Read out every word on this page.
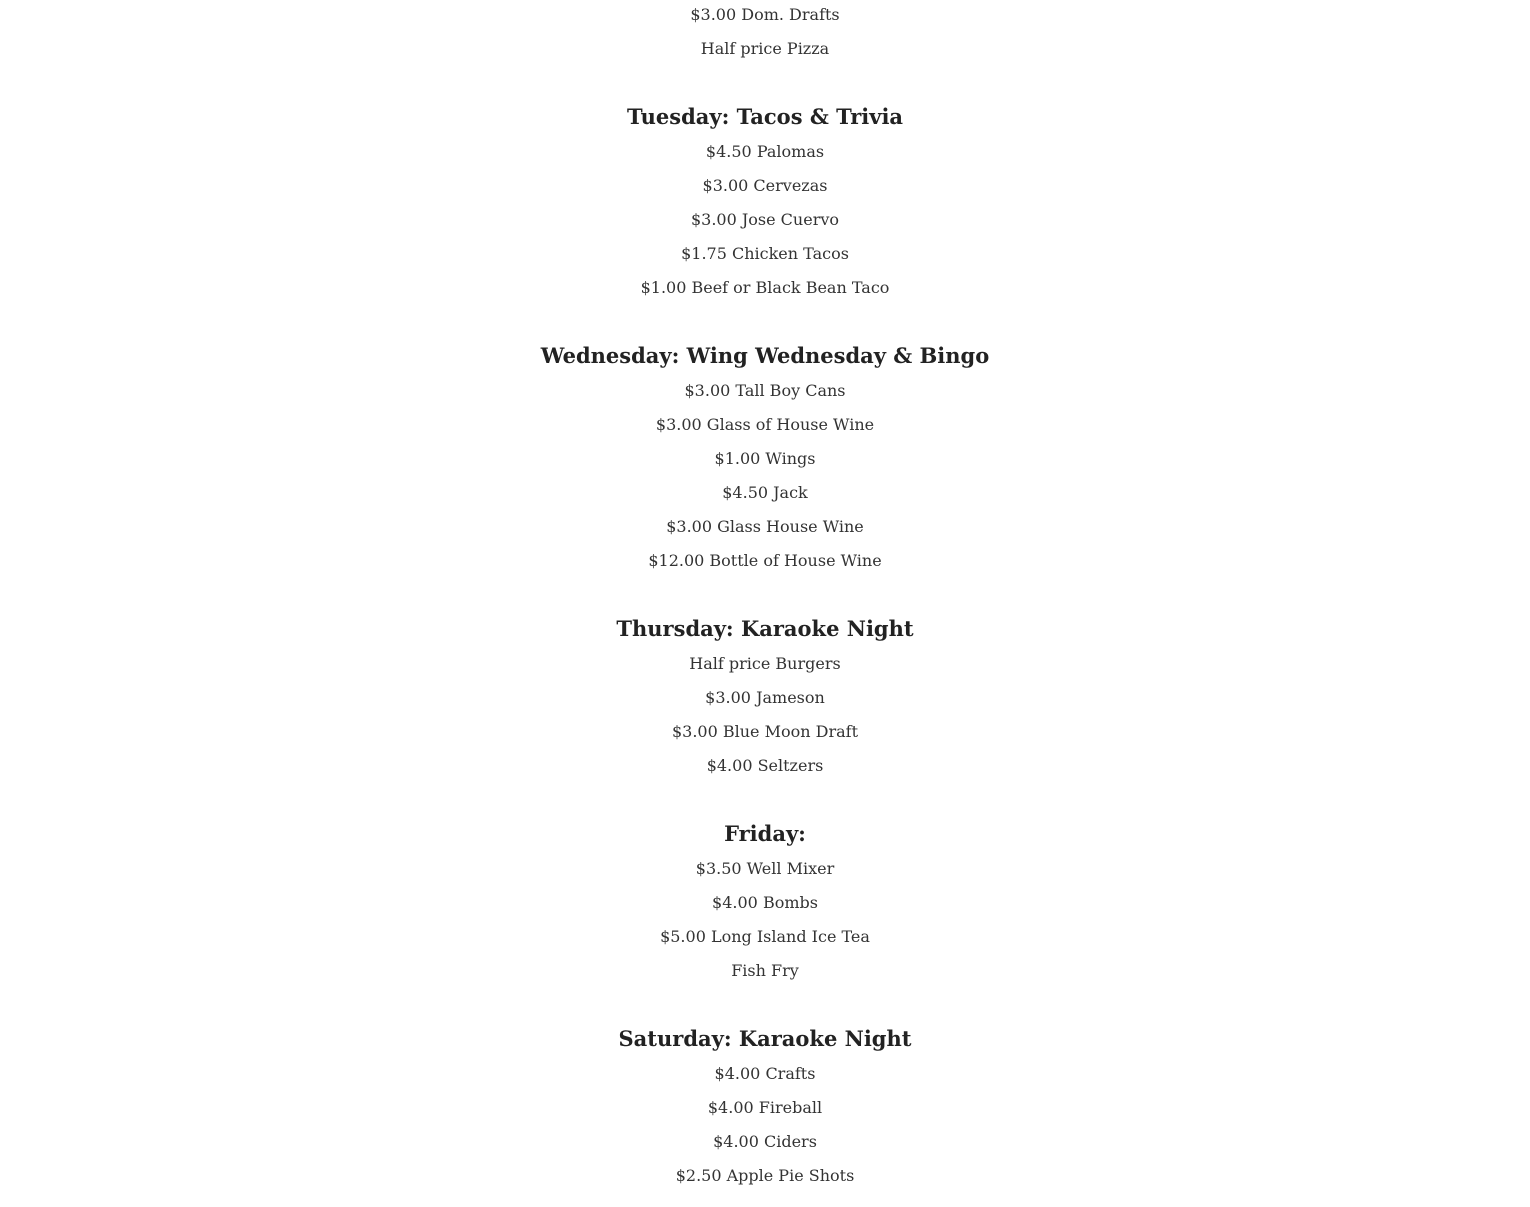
$3.00 Dom. Drafts
Half price Pizza
Tuesday: Tacos & Trivia
$4.50 Palomas
$3.00 Cervezas
$3.00 Jose Cuervo
$1.75 Chicken Tacos
$1.00 Beef or Black Bean Taco
Wednesday: Wing Wednesday & Bingo
$3.00 Tall Boy Cans
$3.00 Glass of House Wine
$1.00 Wings
$4.50 Jack
$3.00 Glass House Wine
$12.00 Bottle of House Wine
Thursday: Karaoke Night
Half price Burgers
$3.00 Jameson
$3.00 Blue Moon Draft
$4.00 Seltzers
Friday:
$3.50 Well Mixer
$4.00 Bombs
$5.00 Long Island Ice Tea
Fish Fry
Saturday: Karaoke Night
$4.00 Crafts
$4.00 Fireball
$4.00 Ciders
$2.50 Apple Pie Shots
